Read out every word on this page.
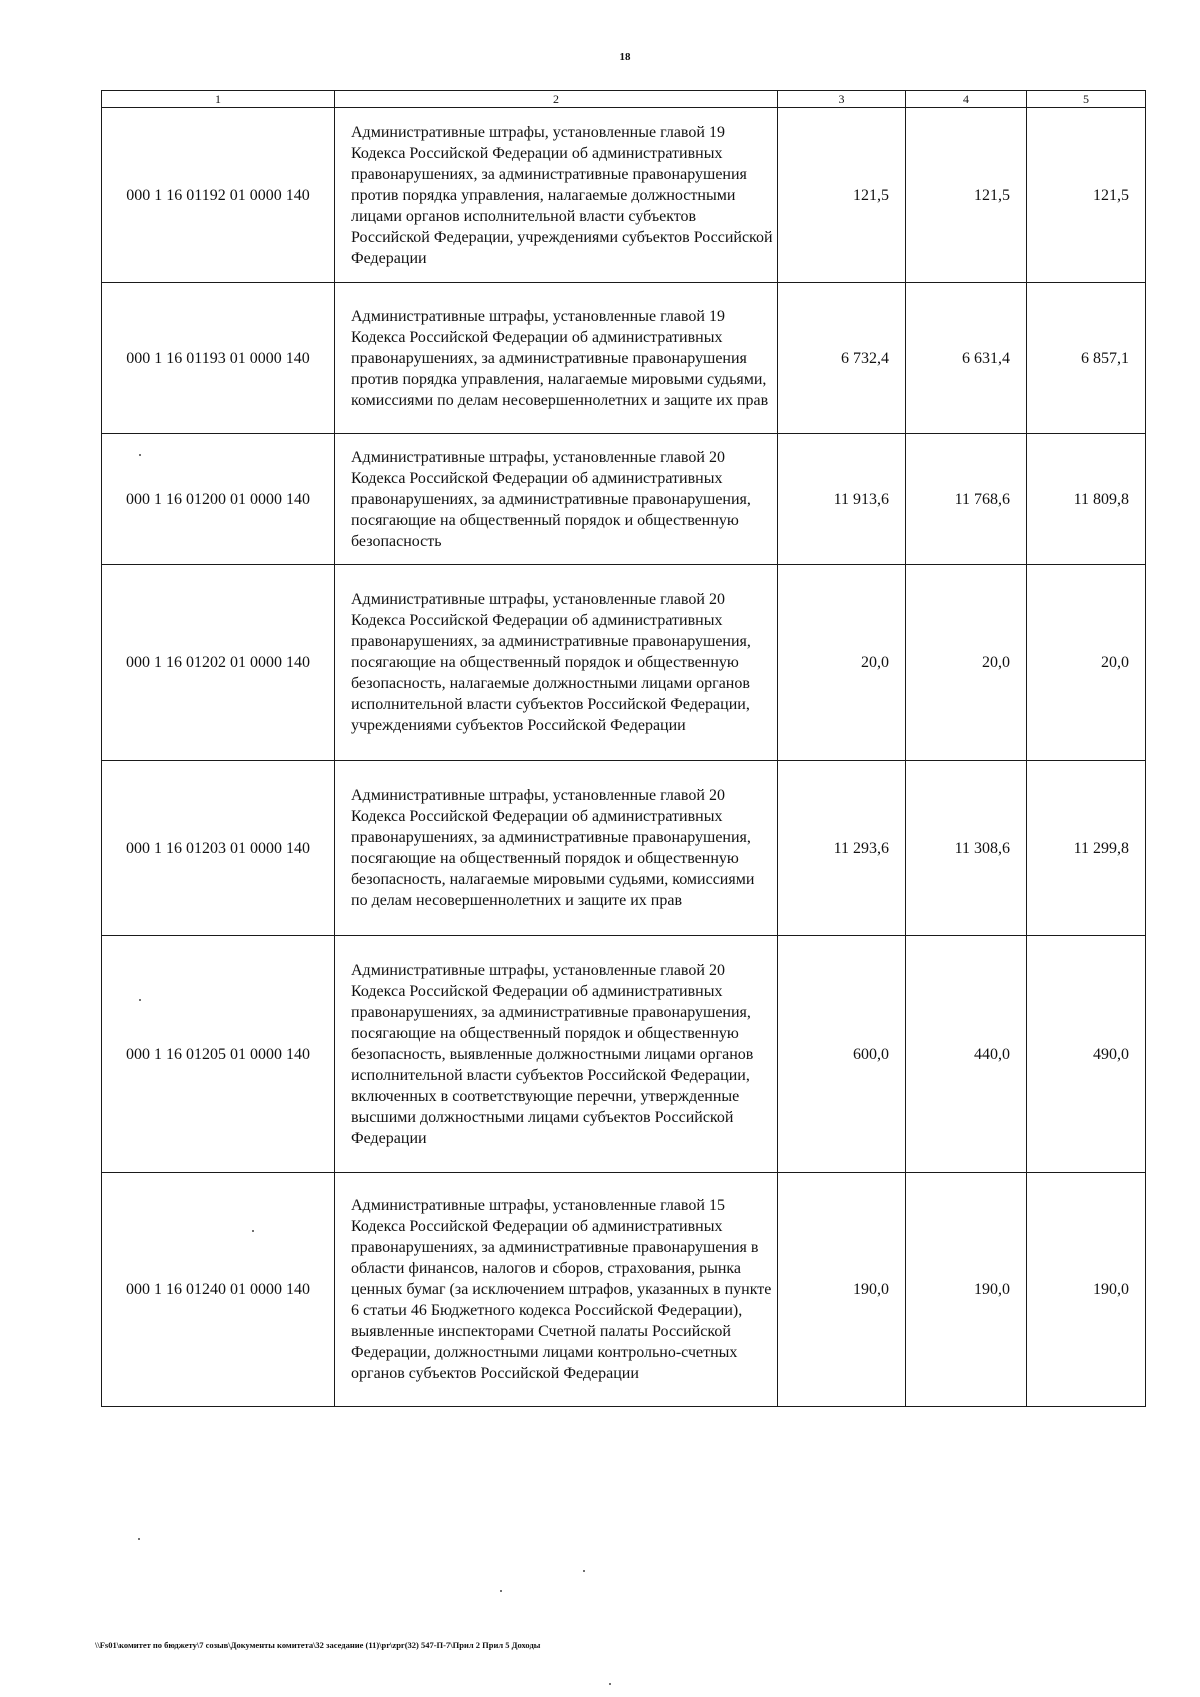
18
1	2	3	4	5
000 1 16 01192 01 0000 140	Административные штрафы, установленные главой 19 Кодекса Российской Федерации об административных правонарушениях, за административные правонарушения против порядка управления, налагаемые должностными лицами органов исполнительной власти субъектов Российской Федерации, учреждениями субъектов Российской Федерации	121,5	121,5	121,5
000 1 16 01193 01 0000 140	Административные штрафы, установленные главой 19 Кодекса Российской Федерации об административных правонарушениях, за административные правонарушения против порядка управления, налагаемые мировыми судьями, комиссиями по делам несовершеннолетних и защите их прав	6 732,4	6 631,4	6 857,1
000 1 16 01200 01 0000 140	Административные штрафы, установленные главой 20 Кодекса Российской Федерации об административных правонарушениях, за административные правонарушения, посягающие на общественный порядок и общественную безопасность	11 913,6	11 768,6	11 809,8
000 1 16 01202 01 0000 140	Административные штрафы, установленные главой 20 Кодекса Российской Федерации об административных правонарушениях, за административные правонарушения, посягающие на общественный порядок и общественную безопасность, налагаемые должностными лицами органов исполнительной власти субъектов Российской Федерации, учреждениями субъектов Российской Федерации	20,0	20,0	20,0
000 1 16 01203 01 0000 140	Административные штрафы, установленные главой 20 Кодекса Российской Федерации об административных правонарушениях, за административные правонарушения, посягающие на общественный порядок и общественную безопасность, налагаемые мировыми судьями, комиссиями по делам несовершеннолетних и защите их прав	11 293,6	11 308,6	11 299,8
000 1 16 01205 01 0000 140	Административные штрафы, установленные главой 20 Кодекса Российской Федерации об административных правонарушениях, за административные правонарушения, посягающие на общественный порядок и общественную безопасность, выявленные должностными лицами органов исполнительной власти субъектов Российской Федерации, включенных в соответствующие перечни, утвержденные высшими должностными лицами субъектов Российской Федерации	600,0	440,0	490,0
000 1 16 01240 01 0000 140	Административные штрафы, установленные главой 15 Кодекса Российской Федерации об административных правонарушениях, за административные правонарушения в области финансов, налогов и сборов, страхования, рынка ценных бумаг (за исключением штрафов, указанных в пункте 6 статьи 46 Бюджетного кодекса Российской Федерации), выявленные инспекторами Счетной палаты Российской Федерации, должностными лицами контрольно-счетных органов субъектов Российской Федерации	190,0	190,0	190,0
\\Fs01\комитет по бюджету\7 созыв\Документы комитета\32 заседание (11)\pr\zpr(32) 547-П-7\Прил 2 Прил 5 Доходы
